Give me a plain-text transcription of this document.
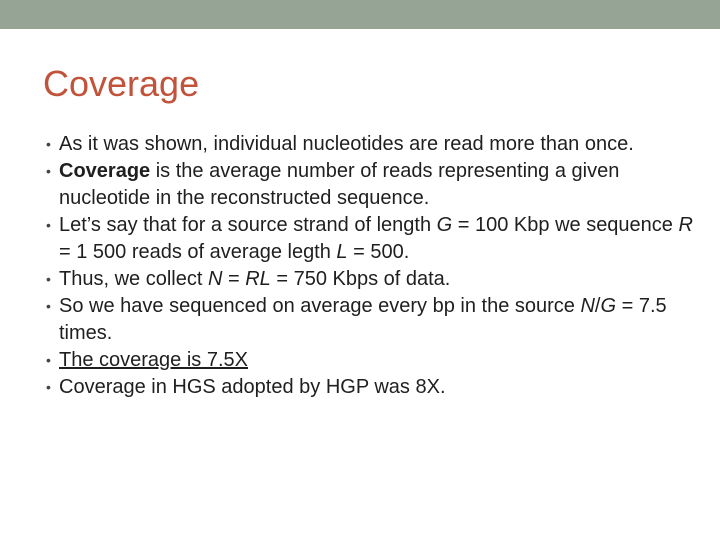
Coverage
• As it was shown, individual nucleotides are read more than once.
• Coverage is the average number of reads representing a given nucleotide in the reconstructed sequence.
• Let’s say that for a source strand of length G = 100 Kbp we sequence R = 1 500 reads of average legth L = 500.
• Thus, we collect N = RL = 750 Kbps of data.
• So we have sequenced on average every bp in the source N/G = 7.5 times.
• The coverage is 7.5X
• Coverage in HGS adopted by HGP was 8X.
